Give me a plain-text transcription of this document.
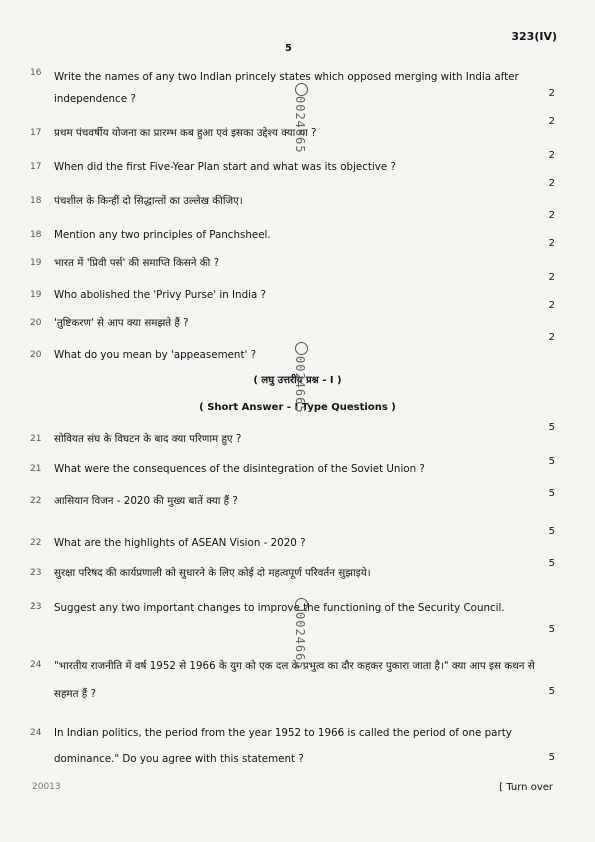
323(IV)
5
16	Write the names of any two Indian princely states which opposed merging with India after independence ?	2
17	प्रथम पंचवर्षीय योजना का प्रारम्भ कब हुआ एवं इसका उद्देश्य क्या था ?
2
17	When did the first Five-Year Plan start and what was its objective ?
2
18	पंचशील के किन्हीं दो सिद्धान्तों का उल्लेख कीजिए।
2
18	Mention any two principles of Panchsheel.
2
19	भारत में 'प्रिवी पर्स' की समाप्ति किसने की ?
2
19	Who abolished the 'Privy Purse' in India ?
2
20	'तुष्टिकरण' से आप क्या समझते हैं ?
2
20	What do you mean by 'appeasement' ?
2
( लघु उत्तरीय प्रश्न - I )
( Short Answer - I Type Questions )
21	सोवियत संघ के विघटन के बाद क्या परिणाम हुए ?
5
21	What were the consequences of the disintegration of the Soviet Union ?
5
22	आसियान विजन - 2020 की मुख्य बातें क्या हैं ?
5
22	What are the highlights of ASEAN Vision - 2020 ?
5
23	सुरक्षा परिषद की कार्यप्रणाली को सुधारने के लिए कोई दो महत्वपूर्ण परिवर्तन सुझाइये।
5
23	Suggest any two important changes to improve the functioning of the Security Council.
5
24	"भारतीय राजनीति में वर्ष 1952 से 1966 के युग को एक दल के प्रभुत्व का दौर कहकर पुकारा जाता है।" क्या आप इस कथन से सहमत हैं ?	5
24	In Indian politics, the period from the year 1952 to 1966 is called the period of one party dominance." Do you agree with this statement ?	5
20013	[ Turn over
0024665
0024665
0024665
